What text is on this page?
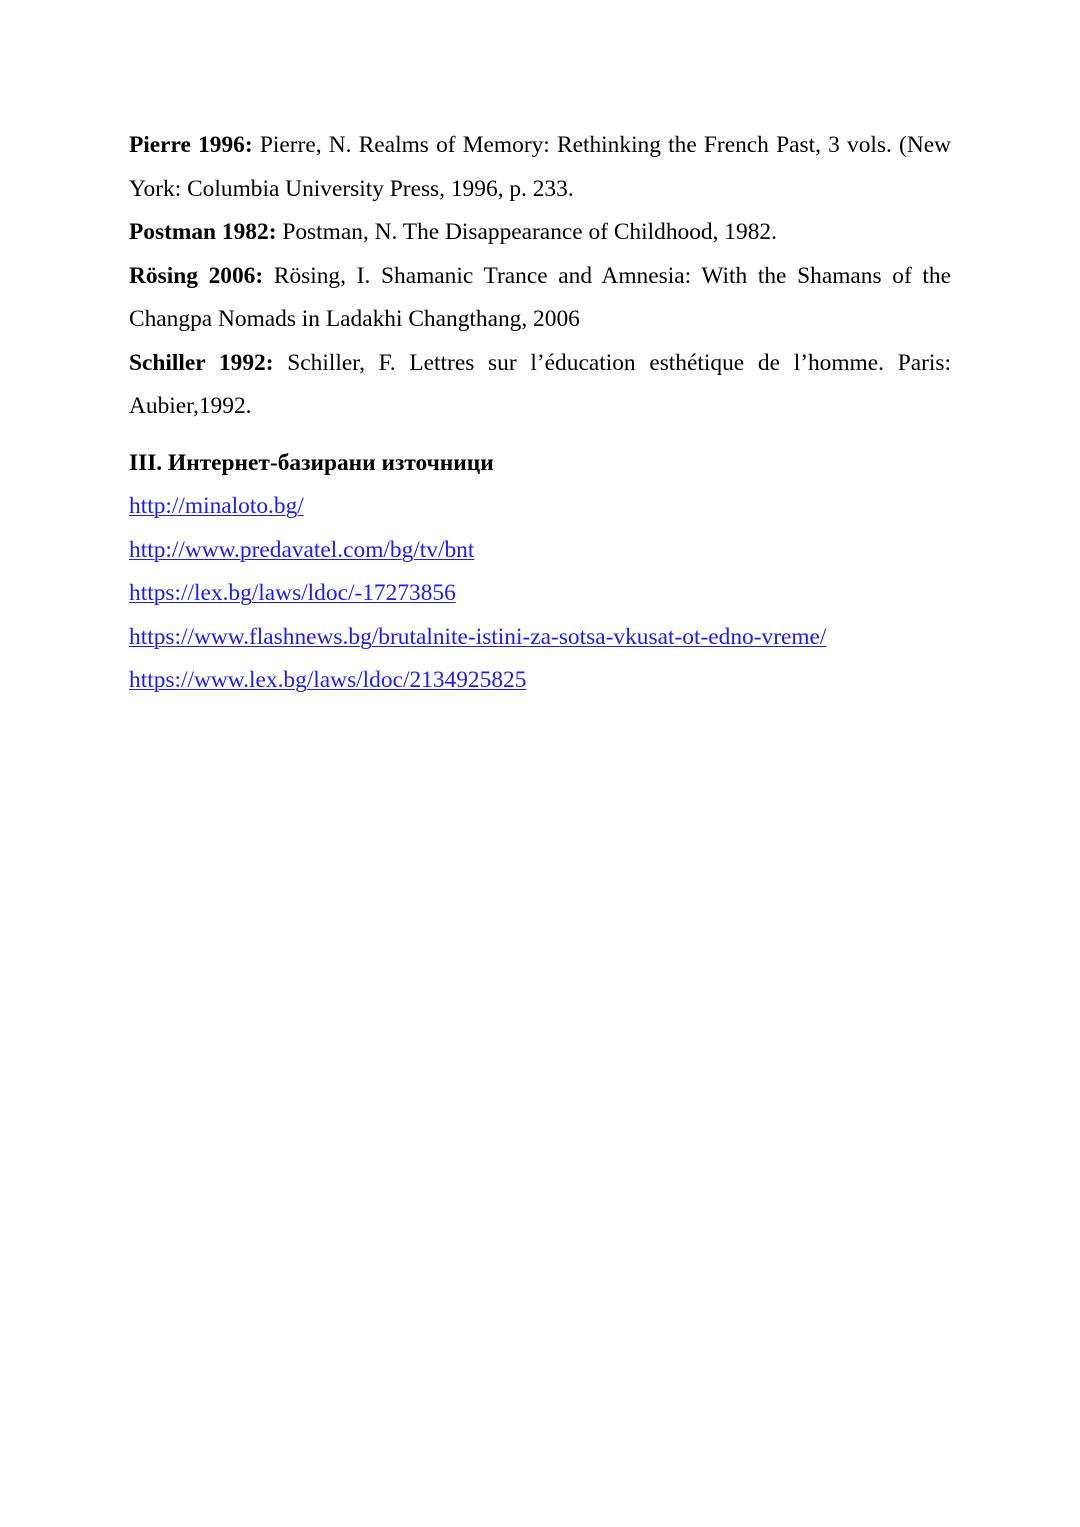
Pierre 1996: Pierre, N. Realms of Memory: Rethinking the French Past, 3 vols. (New York: Columbia University Press, 1996, p. 233.

Postman 1982: Postman, N. The Disappearance of Childhood, 1982.

Rösing 2006: Rösing, I. Shamanic Trance and Amnesia: With the Shamans of the Changpa Nomads in Ladakhi Changthang, 2006

Schiller 1992: Schiller, F. Lettres sur l’éducation esthétique de l’homme. Paris: Aubier,1992.

III. Интернет-базирани източници

http://minaloto.bg/
http://www.predavatel.com/bg/tv/bnt
https://lex.bg/laws/ldoc/-17273856
https://www.flashnews.bg/brutalnite-istini-za-sotsa-vkusat-ot-edno-vreme/
https://www.lex.bg/laws/ldoc/2134925825
